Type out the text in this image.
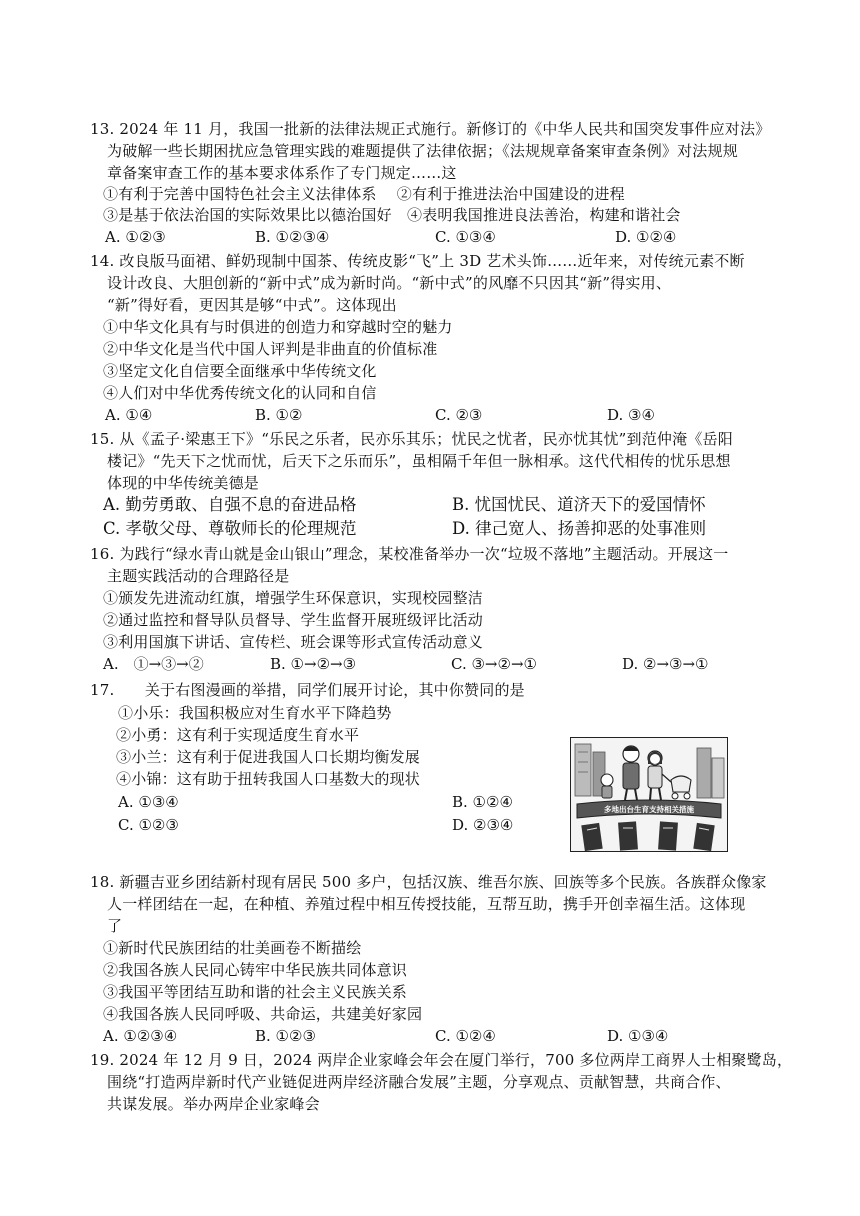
13. 2024 年 11 月，我国一批新的法律法规正式施行。新修订的《中华人民共和国突发事件应对法》
为破解一些长期困扰应急管理实践的难题提供了法律依据；《法规规章备案审查条例》对法规规
章备案审查工作的基本要求体系作了专门规定……这
①有利于完善中国特色社会主义法律体系　 ②有利于推进法治中国建设的进程
③是基于依法治国的实际效果比以德治国好　④表明我国推进良法善治，构建和谐社会
A. ①②③	B. ①②③④	C. ①③④	D. ①②④
14. 改良版马面裙、鲜奶现制中国茶、传统皮影“飞”上 3D 艺术头饰……近年来，对传统元素不断
设计改良、大胆创新的“新中式”成为新时尚。“新中式”的风靡不只因其“新”得实用、
“新”得好看，更因其是够“中式”。这体现出
①中华文化具有与时俱进的创造力和穿越时空的魅力
②中华文化是当代中国人评判是非曲直的价值标准
③坚定文化自信要全面继承中华传统文化
④人们对中华优秀传统文化的认同和自信
A. ①④	B. ①②	C. ②③	D. ③④
15. 从《孟子·梁惠王下》“乐民之乐者，民亦乐其乐；忧民之忧者，民亦忧其忧”到范仲淹《岳阳
楼记》“先天下之忧而忧，后天下之乐而乐”，虽相隔千年但一脉相承。这代代相传的忧乐思想
体现的中华传统美德是
A. 勤劳勇敢、自强不息的奋进品格	B. 忧国忧民、道济天下的爱国情怀
C. 孝敬父母、尊敬师长的伦理规范	D. 律己宽人、扬善抑恶的处事准则
16. 为践行“绿水青山就是金山银山”理念，某校准备举办一次“垃圾不落地”主题活动。开展这一
主题实践活动的合理路径是
①颁发先进流动红旗，增强学生环保意识，实现校园整洁
②通过监控和督导队员督导、学生监督开展班级评比活动
③利用国旗下讲话、宣传栏、班会课等形式宣传活动意义
A.　①→③→②	B. ①→②→③	C. ③→②→①	D. ②→③→①
17.　　关于右图漫画的举措，同学们展开讨论，其中你赞同的是
①小乐：我国积极应对生育水平下降趋势
②小勇：这有利于实现适度生育水平
③小兰：这有利于促进我国人口长期均衡发展
④小锦：这有助于扭转我国人口基数大的现状
A. ①③④	B. ①②④
C. ①②③	D. ②③④
多地出台生育支持相关措施
18. 新疆吉亚乡团结新村现有居民 500 多户，包括汉族、维吾尔族、回族等多个民族。各族群众像家
人一样团结在一起，在种植、养殖过程中相互传授技能，互帮互助，携手开创幸福生活。这体现
了
①新时代民族团结的壮美画卷不断描绘
②我国各族人民同心铸牢中华民族共同体意识
③我国平等团结互助和谐的社会主义民族关系
④我国各族人民同呼吸、共命运，共建美好家园
A. ①②③④	B. ①②③	C. ①②④	D. ①③④
19. 2024 年 12 月 9 日，2024 两岸企业家峰会年会在厦门举行，700 多位两岸工商界人士相聚鹭岛，
围绕“打造两岸新时代产业链促进两岸经济融合发展”主题，分享观点、贡献智慧，共商合作、
共谋发展。举办两岸企业家峰会
